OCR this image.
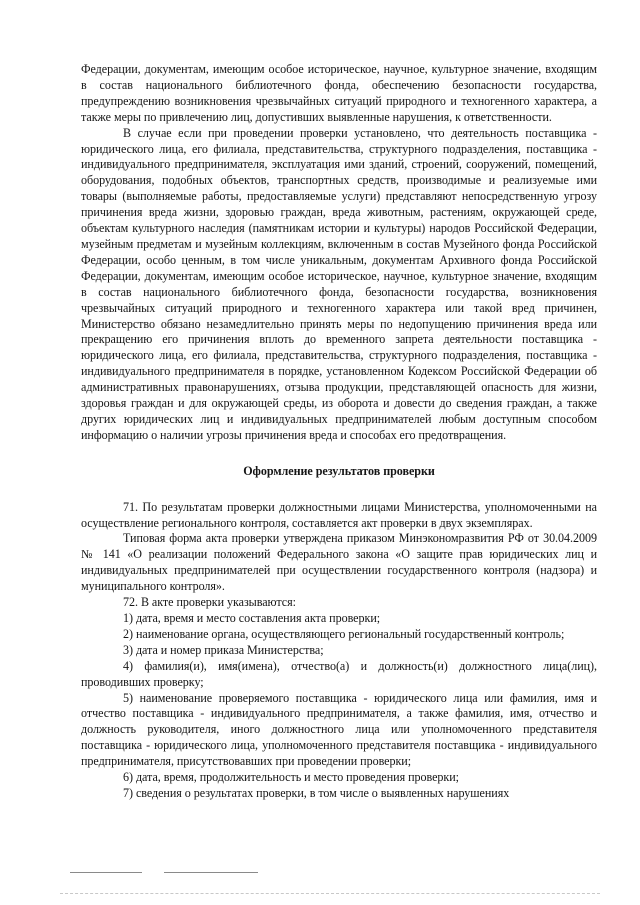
Федерации, документам, имеющим особое историческое, научное, культурное значение, входящим в состав национального библиотечного фонда, обеспечению безопасности государства, предупреждению возникновения чрезвычайных ситуаций природного и техногенного характера, а также меры по привлечению лиц, допустивших выявленные нарушения, к ответственности.

В случае если при проведении проверки установлено, что деятельность поставщика - юридического лица, его филиала, представительства, структурного подразделения, поставщика - индивидуального предпринимателя, эксплуатация ими зданий, строений, сооружений, помещений, оборудования, подобных объектов, транспортных средств, производимые и реализуемые ими товары (выполняемые работы, предоставляемые услуги) представляют непосредственную угрозу причинения вреда жизни, здоровью граждан, вреда животным, растениям, окружающей среде, объектам культурного наследия (памятникам истории и культуры) народов Российской Федерации, музейным предметам и музейным коллекциям, включенным в состав Музейного фонда Российской Федерации, особо ценным, в том числе уникальным, документам Архивного фонда Российской Федерации, документам, имеющим особое историческое, научное, культурное значение, входящим в состав национального библиотечного фонда, безопасности государства, возникновения чрезвычайных ситуаций природного и техногенного характера или такой вред причинен, Министерство обязано незамедлительно принять меры по недопущению причинения вреда или прекращению его причинения вплоть до временного запрета деятельности поставщика - юридического лица, его филиала, представительства, структурного подразделения, поставщика - индивидуального предпринимателя в порядке, установленном Кодексом Российской Федерации об административных правонарушениях, отзыва продукции, представляющей опасность для жизни, здоровья граждан и для окружающей среды, из оборота и довести до сведения граждан, а также других юридических лиц и индивидуальных предпринимателей любым доступным способом информацию о наличии угрозы причинения вреда и способах его предотвращения.

Оформление результатов проверки

71. По результатам проверки должностными лицами Министерства, уполномоченными на осуществление регионального контроля, составляется акт проверки в двух экземплярах.

Типовая форма акта проверки утверждена приказом Минэкономразвития РФ от 30.04.2009 № 141 «О реализации положений Федерального закона «О защите прав юридических лиц и индивидуальных предпринимателей при осуществлении государственного контроля (надзора) и муниципального контроля».

72. В акте проверки указываются:

1) дата, время и место составления акта проверки;

2) наименование органа, осуществляющего региональный государственный контроль;

3) дата и номер приказа Министерства;

4) фамилия(и), имя(имена), отчество(а) и должность(и) должностного лица(лиц), проводивших проверку;

5) наименование проверяемого поставщика - юридического лица или фамилия, имя и отчество поставщика - индивидуального предпринимателя, а также фамилия, имя, отчество и должность руководителя, иного должностного лица или уполномоченного представителя поставщика - юридического лица, уполномоченного представителя поставщика - индивидуального предпринимателя, присутствовавших при проведении проверки;

6) дата, время, продолжительность и место проведения проверки;

7) сведения о результатах проверки, в том числе о выявленных нарушениях
